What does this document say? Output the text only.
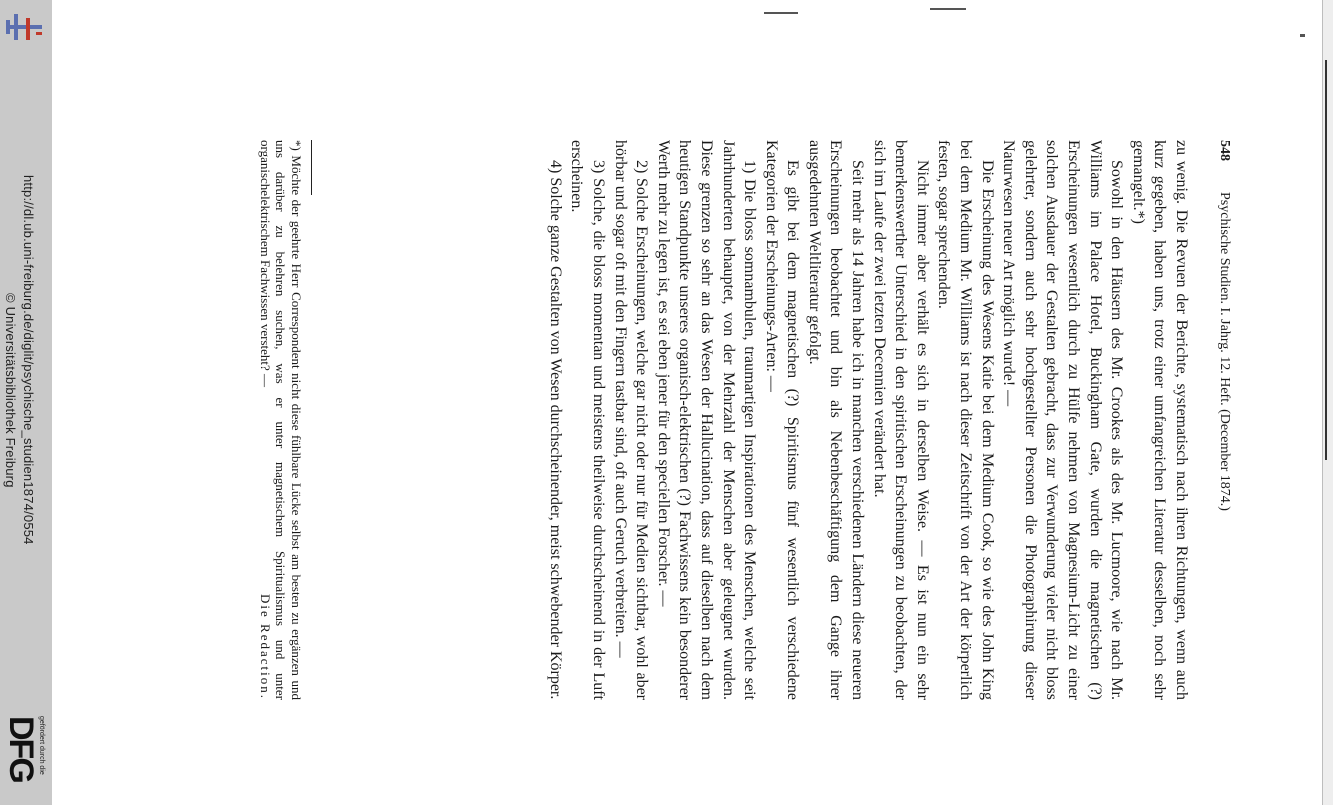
http://dl.ub.uni-freiburg.de/diglit/psychische_studien1874/0554
© Universitätsbibliothek Freiburg
gefördert durch die
DFG
548
Psychische Studien. I. Jahrg. 12. Heft. (December 1874.)

zu wenig. Die Revuen der Berichte, systematisch nach ihren Richtungen, wenn auch kurz gegeben, haben uns, trotz einer umfangreichen Literatur desselben, noch sehr gemangelt.*)

Sowohl in den Häusern des Mr. Crookes als des Mr. Lucmoore, wie nach Mr. Williams im Palace Hotel, Buckingham Gate, wurden die magnetischen (?) Erscheinungen wesentlich durch zu Hülfe nehmen von Magnesium-Licht zu einer solchen Ausdauer der Gestalten gebracht, dass zur Verwunderung vieler nicht bloss gelehrter, sondern auch sehr hochgestellter Personen die Photographirung dieser Naturwesen neuer Art möglich wurde! —

Die Erscheinung des Wesens Katie bei dem Medium Cook, so wie des John King bei dem Medium Mr. Williams ist nach dieser Zeitschrift von der Art der körperlich festen, sogar sprechenden.

Nicht immer aber verhält es sich in derselben Weise. — Es ist nun ein sehr bemerkenswerther Unterschied in den spiritischen Erscheinungen zu beobachten, der sich im Laufe der zwei letzten Decennien verändert hat.

Seit mehr als 14 Jahren habe ich in manchen verschiedenen Ländern diese neueren Erscheinungen beobachtet und bin als Nebenbeschäftigung dem Gange ihrer ausgedehnten Weltliteratur gefolgt.

Es gibt bei dem magnetischen (?) Spiritismus fünf wesentlich verschiedene Kategorien der Erscheinungs-Arten: —

1) Die bloss somnambulen, traumartigen Inspirationen des Menschen, welche seit Jahrhunderten behauptet, von der Mehrzahl der Menschen aber geleugnet wurden. Diese grenzen so sehr an das Wesen der Hallucination, dass auf dieselben nach dem heutigen Standpunkte unseres organisch-elektrischen (?) Fachwissens kein besonderer Werth mehr zu legen ist, es sei eben jener für den speciellen Forscher. —

2) Solche Erscheinungen, welche gar nicht oder nur für Medien sichtbar, wohl aber hörbar und sogar oft mit den Fingern tastbar sind, oft auch Geruch verbreiten. —

3) Solche, die bloss momentan und meistens theilweise durchscheinend in der Luft erscheinen.

4) Solche ganze Gestalten von Wesen durchscheinender, meist schwebender Körper.

*) Möchte der geehrte Herr Correspondent nicht diese fühlbare Lücke selbst am besten zu ergänzen und uns darüber zu belehren suchen, was er unter magnetischem Spiritualismus und unter organischelektrischem Fachwissen versteht? —
Die Redaction.
